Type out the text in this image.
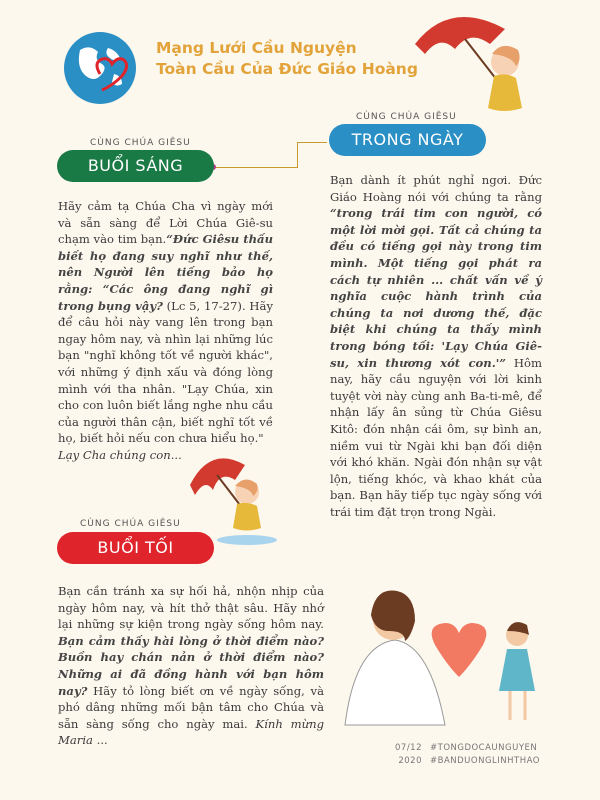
Mạng Lưới Cầu Nguyện
Toàn Cầu Của Đức Giáo Hoàng
CÙNG CHÚA GIÊSU
BUỔI SÁNG
Hãy cảm tạ Chúa Cha vì ngày mới và sẵn sàng để Lời Chúa Giê-su chạm vào tim bạn.“Đức Giêsu thấu biết họ đang suy nghĩ như thế, nên Người lên tiếng bảo họ rằng: “Các ông đang nghĩ gì trong bụng vậy? (Lc 5, 17-27). Hãy để câu hỏi này vang lên trong bạn ngay hôm nay, và nhìn lại những lúc bạn "nghĩ không tốt về người khác", với những ý định xấu và đóng lòng mình với tha nhân. "Lạy Chúa, xin cho con luôn biết lắng nghe nhu cầu của người thân cận, biết nghĩ tốt về họ, biết hỏi nếu con chưa hiểu họ."
Lạy Cha chúng con...
CÙNG CHÚA GIÊSU
TRONG NGÀY
Bạn dành ít phút nghỉ ngơi. Đức Giáo Hoàng nói với chúng ta rằng “trong trái tim con người, có một lời mời gọi. Tất cả chúng ta đều có tiếng gọi này trong tim mình. Một tiếng gọi phát ra cách tự nhiên ... chất vấn về ý nghĩa cuộc hành trình của chúng ta nơi dương thế, đặc biệt khi chúng ta thấy mình trong bóng tối: 'Lạy Chúa Giê-su, xin thương xót con.'” Hôm nay, hãy cầu nguyện với lời kinh tuyệt vời này cùng anh Ba-ti-mê, để nhận lấy ân sủng từ Chúa Giêsu Kitô: đón nhận cái ôm, sự bình an, niềm vui từ Ngài khi bạn đối diện với khó khăn. Ngài đón nhận sự vật lộn, tiếng khóc, và khao khát của bạn. Bạn hãy tiếp tục ngày sống với trái tim đặt trọn trong Ngài.
CÙNG CHÚA GIÊSU
BUỔI TỐI
Bạn cần tránh xa sự hối hả, nhộn nhịp của ngày hôm nay, và hít thở thật sâu. Hãy nhớ lại những sự kiện trong ngày sống hôm nay. Bạn cảm thấy hài lòng ở thời điểm nào? Buồn hay chán nản ở thời điểm nào? Những ai đã đồng hành với bạn hôm nay? Hãy tỏ lòng biết ơn về ngày sống, và phó dâng những mối bận tâm cho Chúa và sẵn sàng sống cho ngày mai. Kính mừng Maria ...
07/12
2020
#TONGDOCAUNGUYEN
#BANDUONGLINHTHAO
